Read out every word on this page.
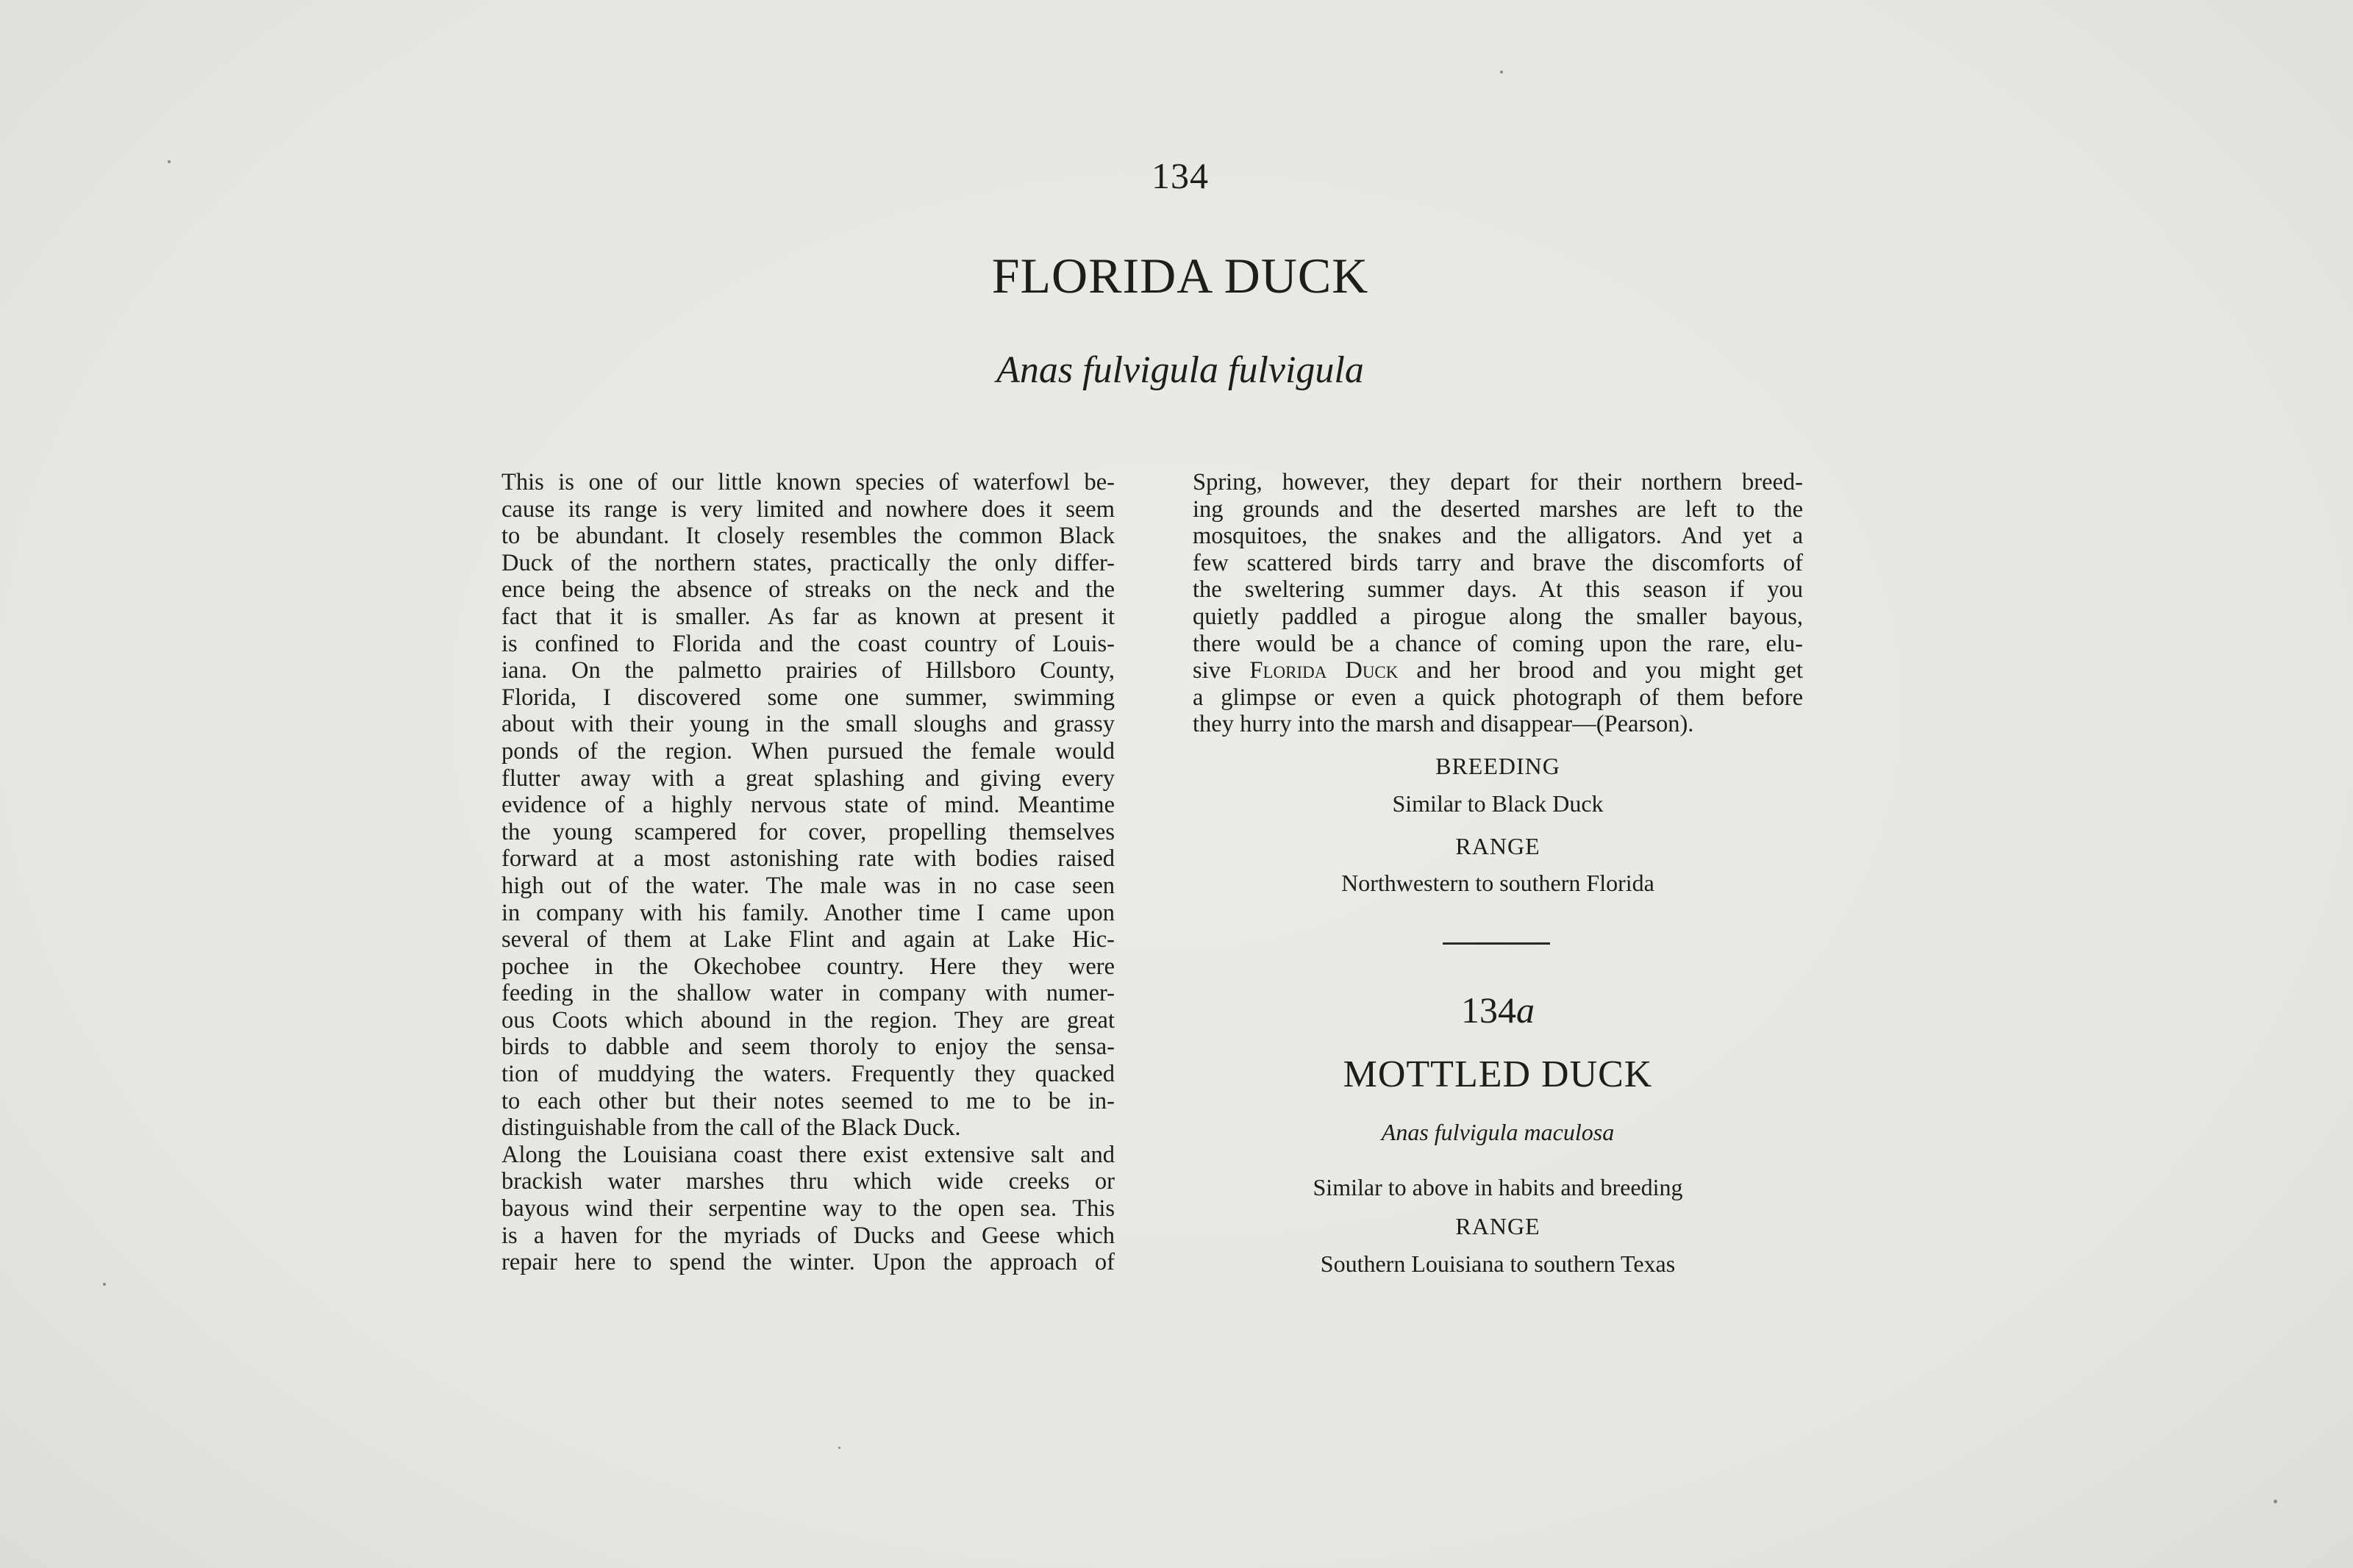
134
FLORIDA DUCK
Anas fulvigula fulvigula
This is one of our little known species of waterfowl be-
cause its range is very limited and nowhere does it seem
to be abundant. It closely resembles the common Black
Duck of the northern states, practically the only differ-
ence being the absence of streaks on the neck and the
fact that it is smaller. As far as known at present it
is confined to Florida and the coast country of Louis-
iana. On the palmetto prairies of Hillsboro County,
Florida, I discovered some one summer, swimming
about with their young in the small sloughs and grassy
ponds of the region. When pursued the female would
flutter away with a great splashing and giving every
evidence of a highly nervous state of mind. Meantime
the young scampered for cover, propelling themselves
forward at a most astonishing rate with bodies raised
high out of the water. The male was in no case seen
in company with his family. Another time I came upon
several of them at Lake Flint and again at Lake Hic-
pochee in the Okechobee country. Here they were
feeding in the shallow water in company with numer-
ous Coots which abound in the region. They are great
birds to dabble and seem thoroly to enjoy the sensa-
tion of muddying the waters. Frequently they quacked
to each other but their notes seemed to me to be in-
distinguishable from the call of the Black Duck.
Along the Louisiana coast there exist extensive salt and
brackish water marshes thru which wide creeks or
bayous wind their serpentine way to the open sea. This
is a haven for the myriads of Ducks and Geese which
repair here to spend the winter. Upon the approach of
Spring, however, they depart for their northern breed-
ing grounds and the deserted marshes are left to the
mosquitoes, the snakes and the alligators. And yet a
few scattered birds tarry and brave the discomforts of
the sweltering summer days. At this season if you
quietly paddled a pirogue along the smaller bayous,
there would be a chance of coming upon the rare, elu-
sive Florida Duck and her brood and you might get
a glimpse or even a quick photograph of them before
they hurry into the marsh and disappear—(Pearson).
BREEDING
Similar to Black Duck
RANGE
Northwestern to southern Florida
134a
MOTTLED DUCK
Anas fulvigula maculosa
Similar to above in habits and breeding
RANGE
Southern Louisiana to southern Texas
